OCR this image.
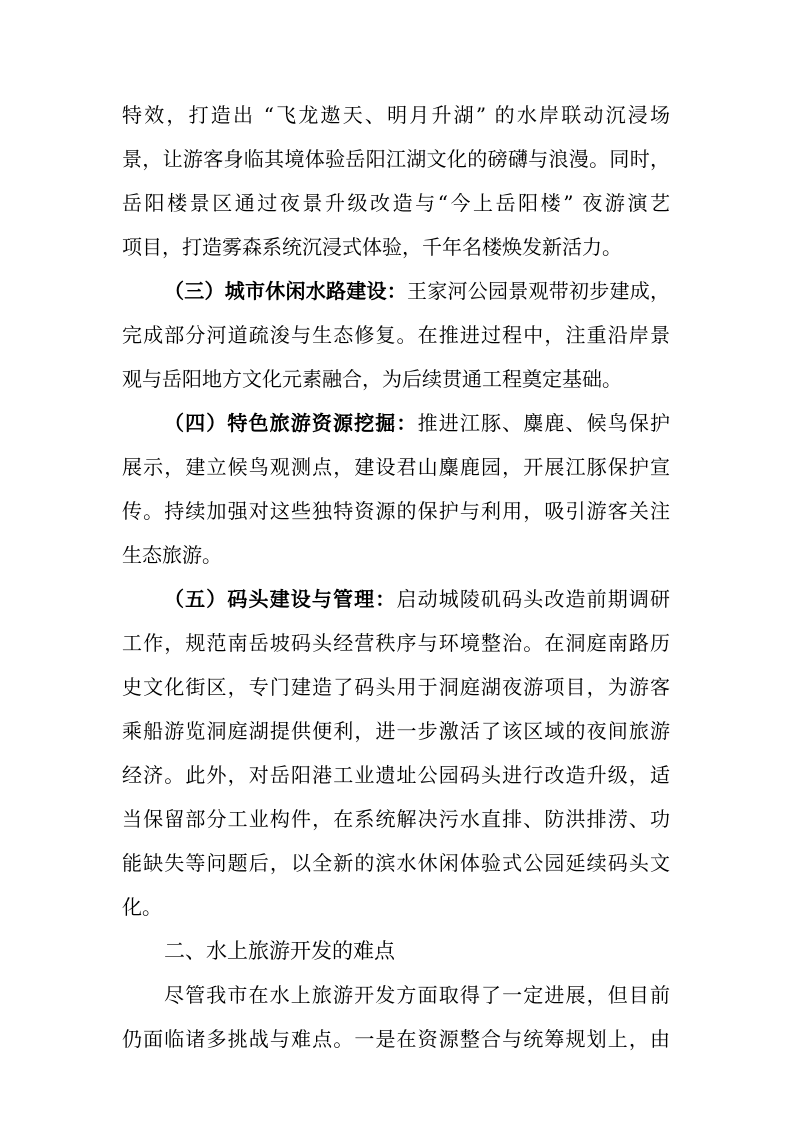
特效，打造出 “飞龙遨天、明月升湖” 的水岸联动沉浸场
景，让游客身临其境体验岳阳江湖文化的磅礴与浪漫。同时，
岳阳楼景区通过夜景升级改造与“今上岳阳楼” 夜游演艺
项目，打造雾森系统沉浸式体验，千年名楼焕发新活力。
（三）城市休闲水路建设：王家河公园景观带初步建成，
完成部分河道疏浚与生态修复。在推进过程中，注重沿岸景
观与岳阳地方文化元素融合，为后续贯通工程奠定基础。
（四）特色旅游资源挖掘：推进江豚、麋鹿、候鸟保护
展示，建立候鸟观测点，建设君山麋鹿园，开展江豚保护宣
传。持续加强对这些独特资源的保护与利用，吸引游客关注
生态旅游。
（五）码头建设与管理：启动城陵矶码头改造前期调研
工作，规范南岳坡码头经营秩序与环境整治。在洞庭南路历
史文化街区，专门建造了码头用于洞庭湖夜游项目，为游客
乘船游览洞庭湖提供便利，进一步激活了该区域的夜间旅游
经济。此外，对岳阳港工业遗址公园码头进行改造升级，适
当保留部分工业构件，在系统解决污水直排、防洪排涝、功
能缺失等问题后，以全新的滨水休闲体验式公园延续码头文
化。
二、水上旅游开发的难点
尽管我市在水上旅游开发方面取得了一定进展，但目前
仍面临诸多挑战与难点。一是在资源整合与统筹规划上，由
